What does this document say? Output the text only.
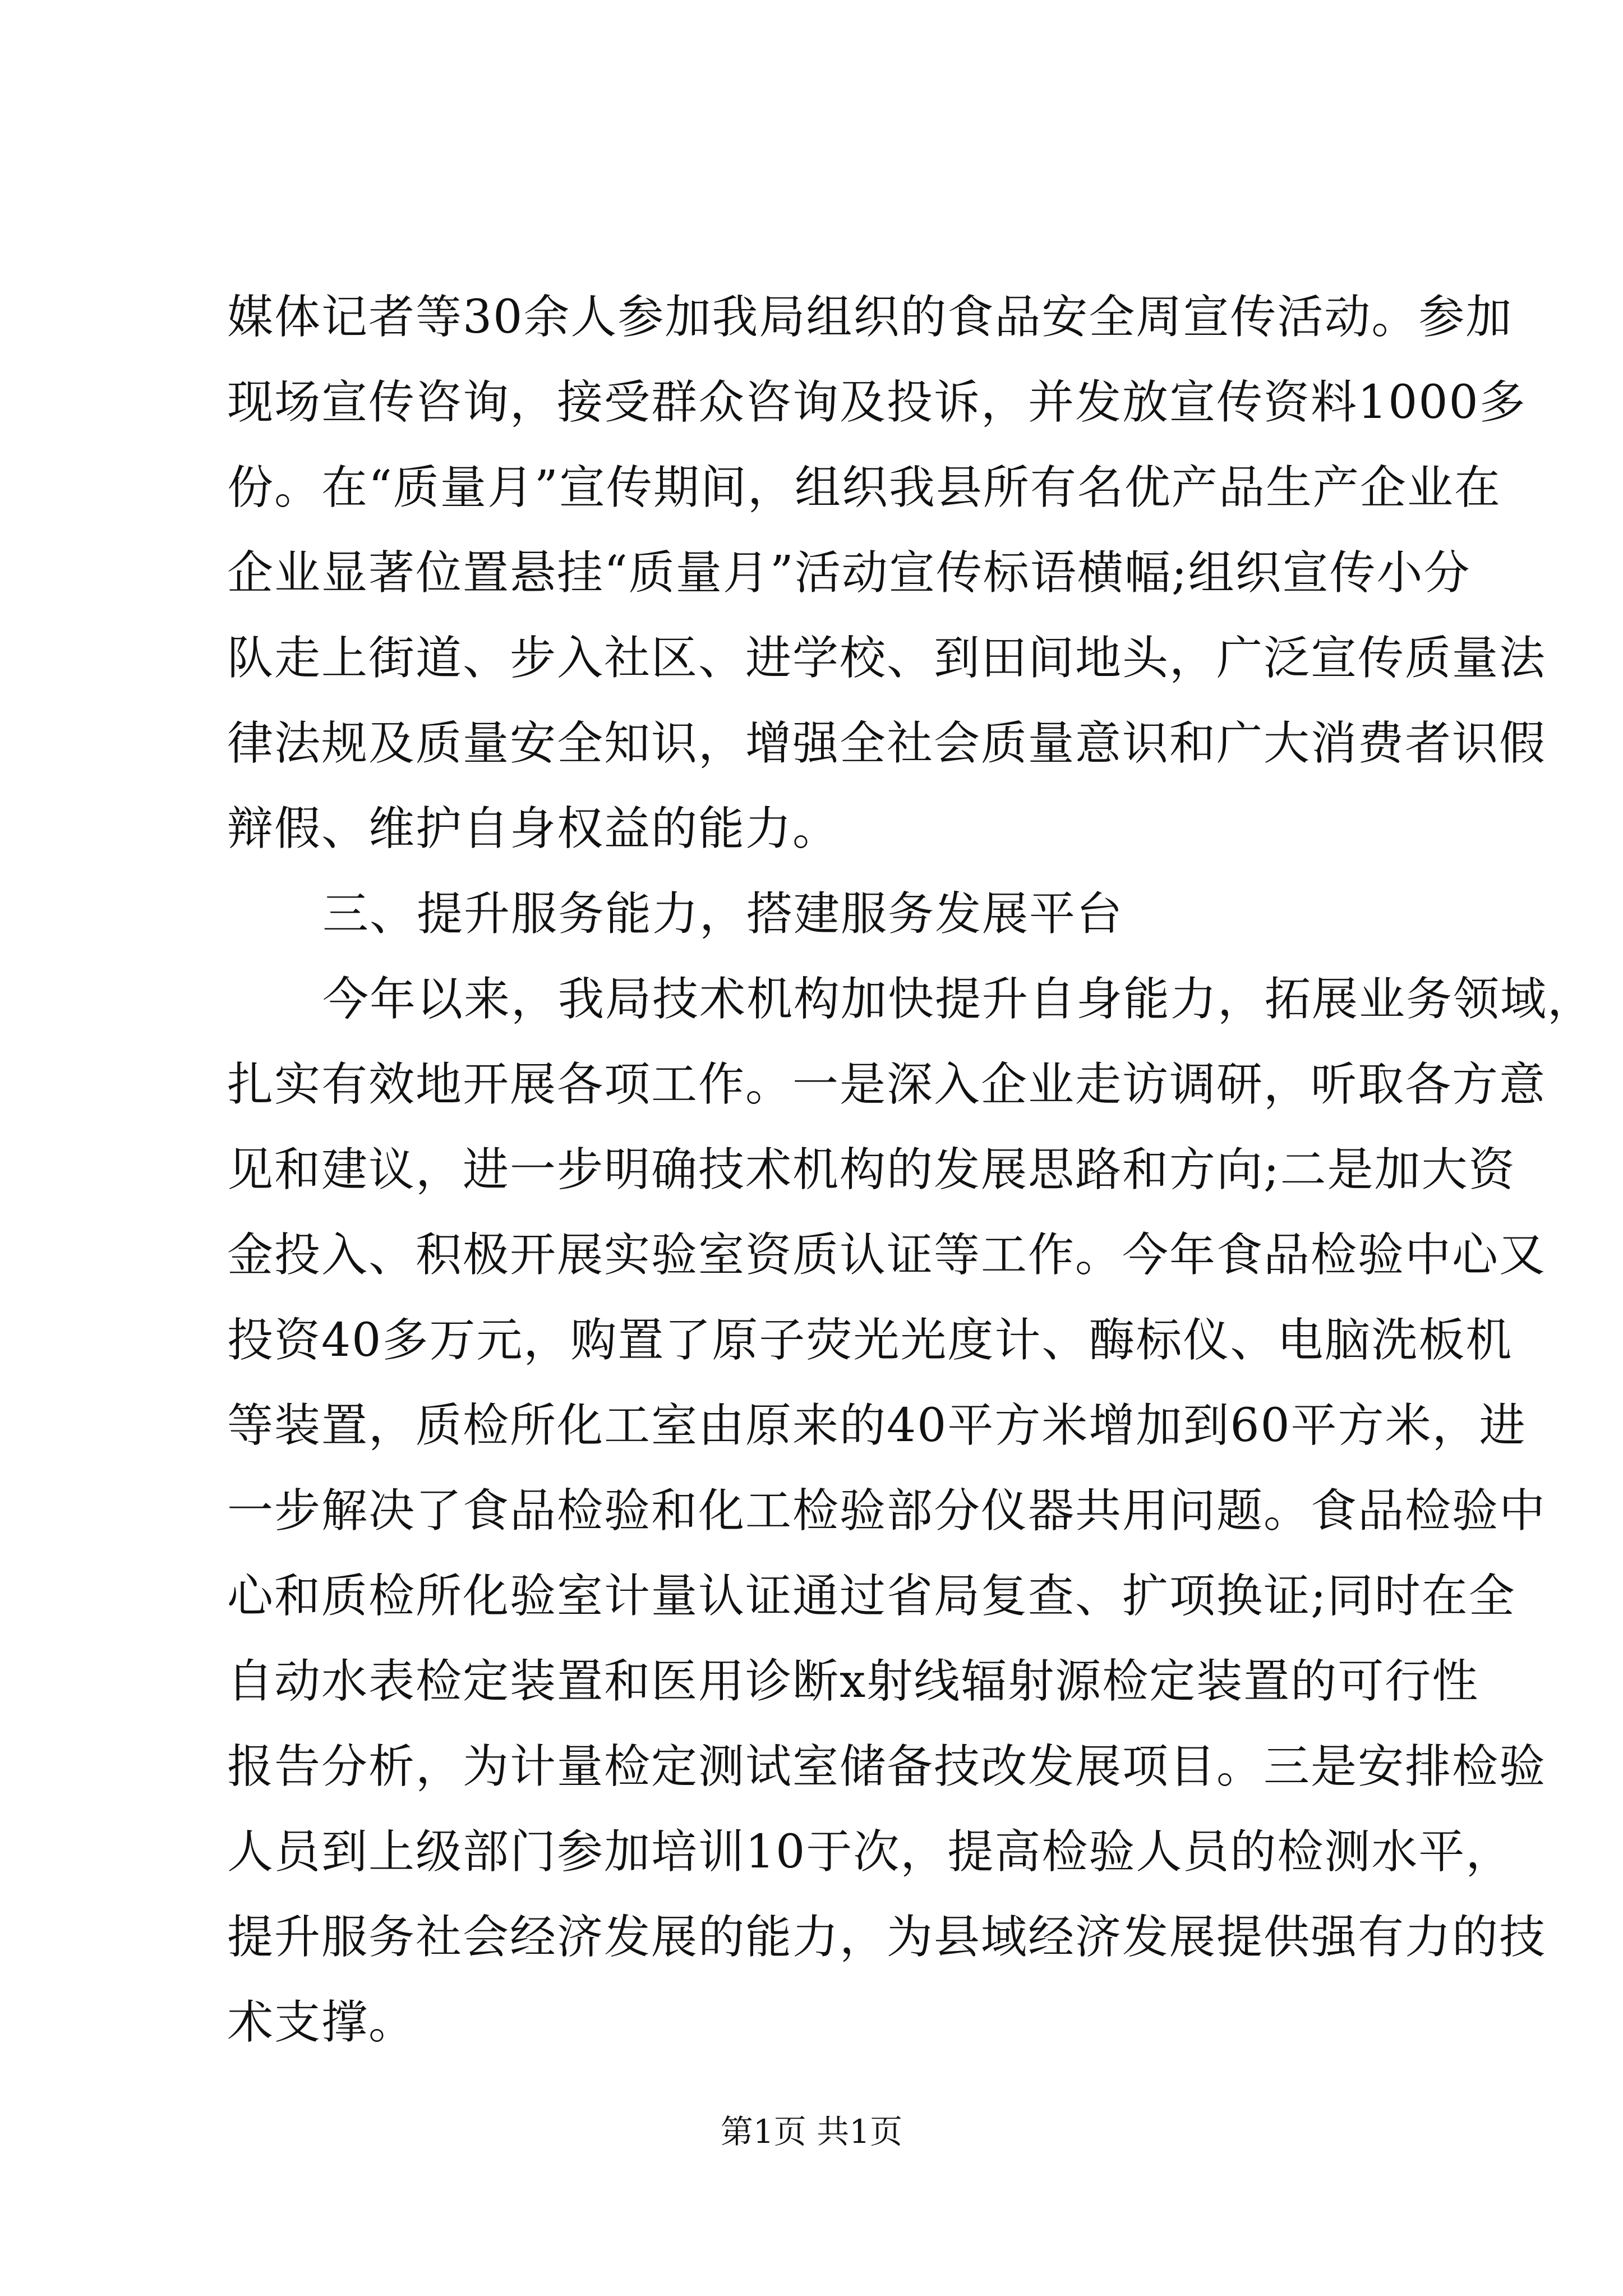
媒体记者等30余人参加我局组织的食品安全周宣传活动。参加
现场宣传咨询，接受群众咨询及投诉，并发放宣传资料1000多
份。在“质量月”宣传期间，组织我县所有名优产品生产企业在
企业显著位置悬挂“质量月”活动宣传标语横幅;组织宣传小分
队走上街道、步入社区、进学校、到田间地头，广泛宣传质量法
律法规及质量安全知识，增强全社会质量意识和广大消费者识假
辩假、维护自身权益的能力。
三、提升服务能力，搭建服务发展平台
今年以来，我局技术机构加快提升自身能力，拓展业务领域，
扎实有效地开展各项工作。一是深入企业走访调研，听取各方意
见和建议，进一步明确技术机构的发展思路和方向;二是加大资
金投入、积极开展实验室资质认证等工作。今年食品检验中心又
投资40多万元，购置了原子荧光光度计、酶标仪、电脑洗板机
等装置，质检所化工室由原来的40平方米增加到60平方米，进
一步解决了食品检验和化工检验部分仪器共用问题。食品检验中
心和质检所化验室计量认证通过省局复查、扩项换证;同时在全
自动水表检定装置和医用诊断x射线辐射源检定装置的可行性
报告分析，为计量检定测试室储备技改发展项目。三是安排检验
人员到上级部门参加培训10于次，提高检验人员的检测水平，
提升服务社会经济发展的能力，为县域经济发展提供强有力的技
术支撑。
第1页 共1页
